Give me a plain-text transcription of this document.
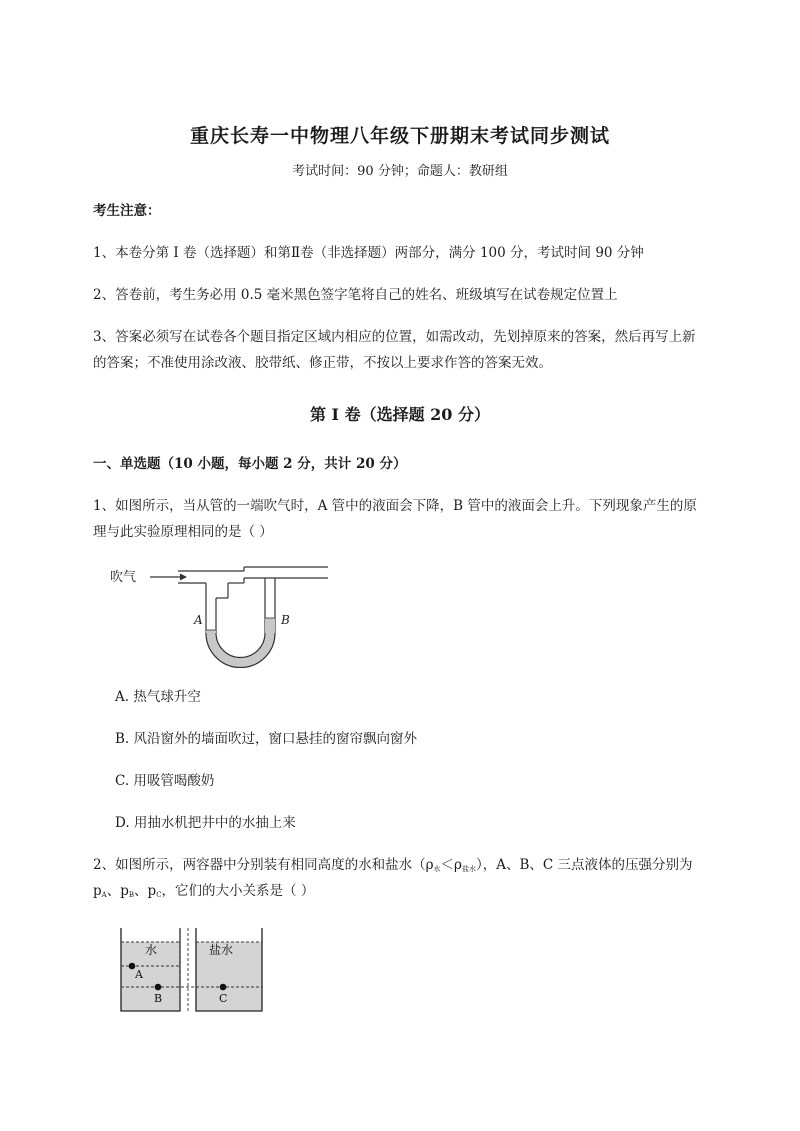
重庆长寿一中物理八年级下册期末考试同步测试
考试时间：90 分钟；命题人：教研组
考生注意：
1、本卷分第 I 卷（选择题）和第Ⅱ卷（非选择题）两部分，满分 100 分，考试时间 90 分钟
2、答卷前，考生务必用 0.5 毫米黑色签字笔将自己的姓名、班级填写在试卷规定位置上
3、答案必须写在试卷各个题目指定区域内相应的位置，如需改动，先划掉原来的答案，然后再写上新
的答案；不准使用涂改液、胶带纸、修正带，不按以上要求作答的答案无效。
第 I 卷（选择题 20 分）
一、单选题（10 小题，每小题 2 分，共计 20 分）
1、如图所示，当从管的一端吹气时，A 管中的液面会下降，B 管中的液面会上升。下列现象产生的原
理与此实验原理相同的是（ ）
吹气
A	B
A. 热气球升空
B. 风沿窗外的墙面吹过，窗口悬挂的窗帘飘向窗外
C. 用吸管喝酸奶
D. 用抽水机把井中的水抽上来
2、如图所示，两容器中分别装有相同高度的水和盐水$(\rho_水<\rho_{盐水})$，A、B、C 三点液体的压强分别为
$p_A$、$p_B$、$p_C$，它们的大小关系是（ ）
水	盐水
A
B	C
